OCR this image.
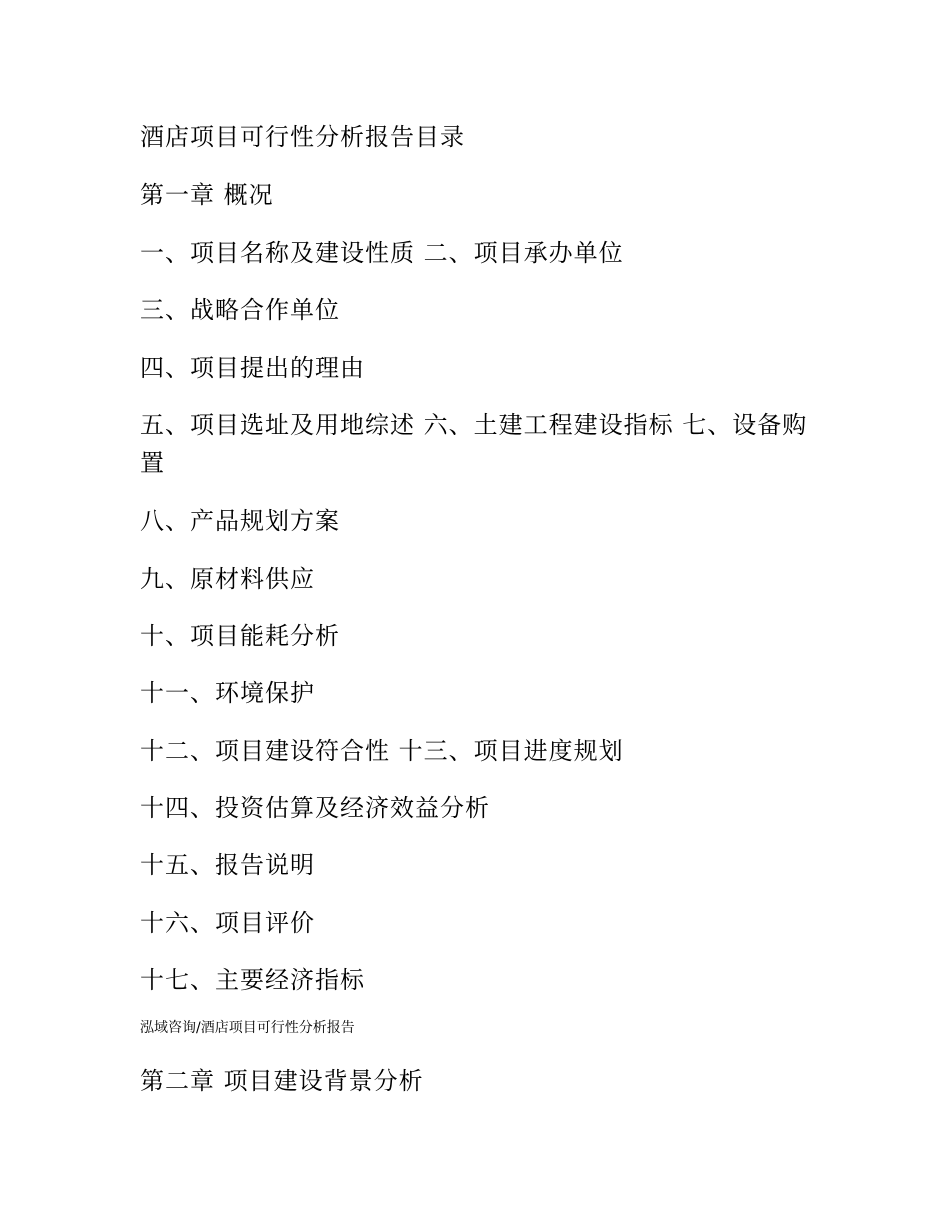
酒店项目可行性分析报告目录
第一章 概况
一、项目名称及建设性质 二、项目承办单位
三、战略合作单位
四、项目提出的理由
五、项目选址及用地综述 六、土建工程建设指标 七、设备购置
八、产品规划方案
九、原材料供应
十、项目能耗分析
十一、环境保护
十二、项目建设符合性 十三、项目进度规划
十四、投资估算及经济效益分析
十五、报告说明
十六、项目评价
十七、主要经济指标
泓域咨询/酒店项目可行性分析报告
第二章 项目建设背景分析
